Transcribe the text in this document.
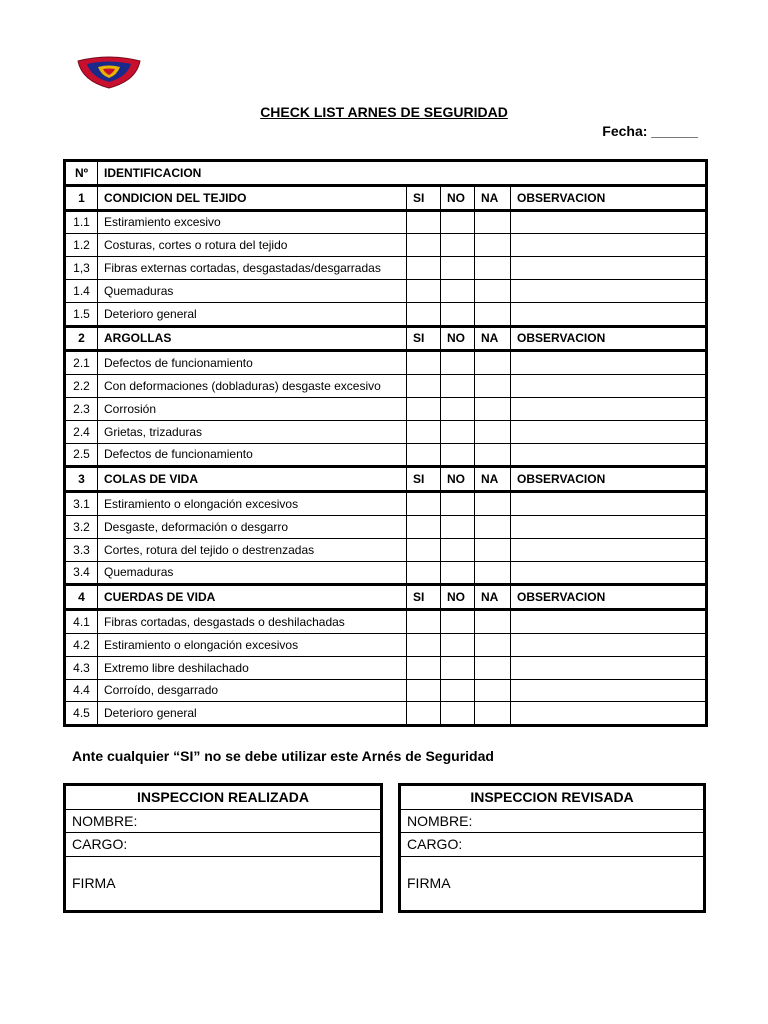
CHECK LIST ARNES DE SEGURIDAD
Fecha: ______
Nº	IDENTIFICACION				
1	CONDICION DEL TEJIDO	SI	NO	NA	OBSERVACION
1.1	Estiramiento excesivo				
1.2	Costuras, cortes o rotura del tejido				
1,3	Fibras externas cortadas, desgastadas/desgarradas				
1.4	Quemaduras				
1.5	Deterioro general				
2	ARGOLLAS	SI	NO	NA	OBSERVACION
2.1	Defectos de funcionamiento				
2.2	Con deformaciones (dobladuras) desgaste excesivo				
2.3	Corrosión				
2.4	Grietas, trizaduras				
2.5	Defectos de funcionamiento				
3	COLAS DE VIDA	SI	NO	NA	OBSERVACION
3.1	Estiramiento o elongación excesivos				
3.2	Desgaste, deformación o desgarro				
3.3	Cortes, rotura del tejido o destrenzadas				
3.4	Quemaduras				
4	CUERDAS DE VIDA	SI	NO	NA	OBSERVACION
4.1	Fibras cortadas, desgastads o deshilachadas				
4.2	Estiramiento o elongación excesivos				
4.3	Extremo libre deshilachado				
4.4	Corroído, desgarrado				
4.5	Deterioro general				
Ante cualquier “SI” no se debe utilizar este Arnés de Seguridad
INSPECCION REALIZADA
NOMBRE:
CARGO:
FIRMA
INSPECCION REVISADA
NOMBRE:
CARGO:
FIRMA
